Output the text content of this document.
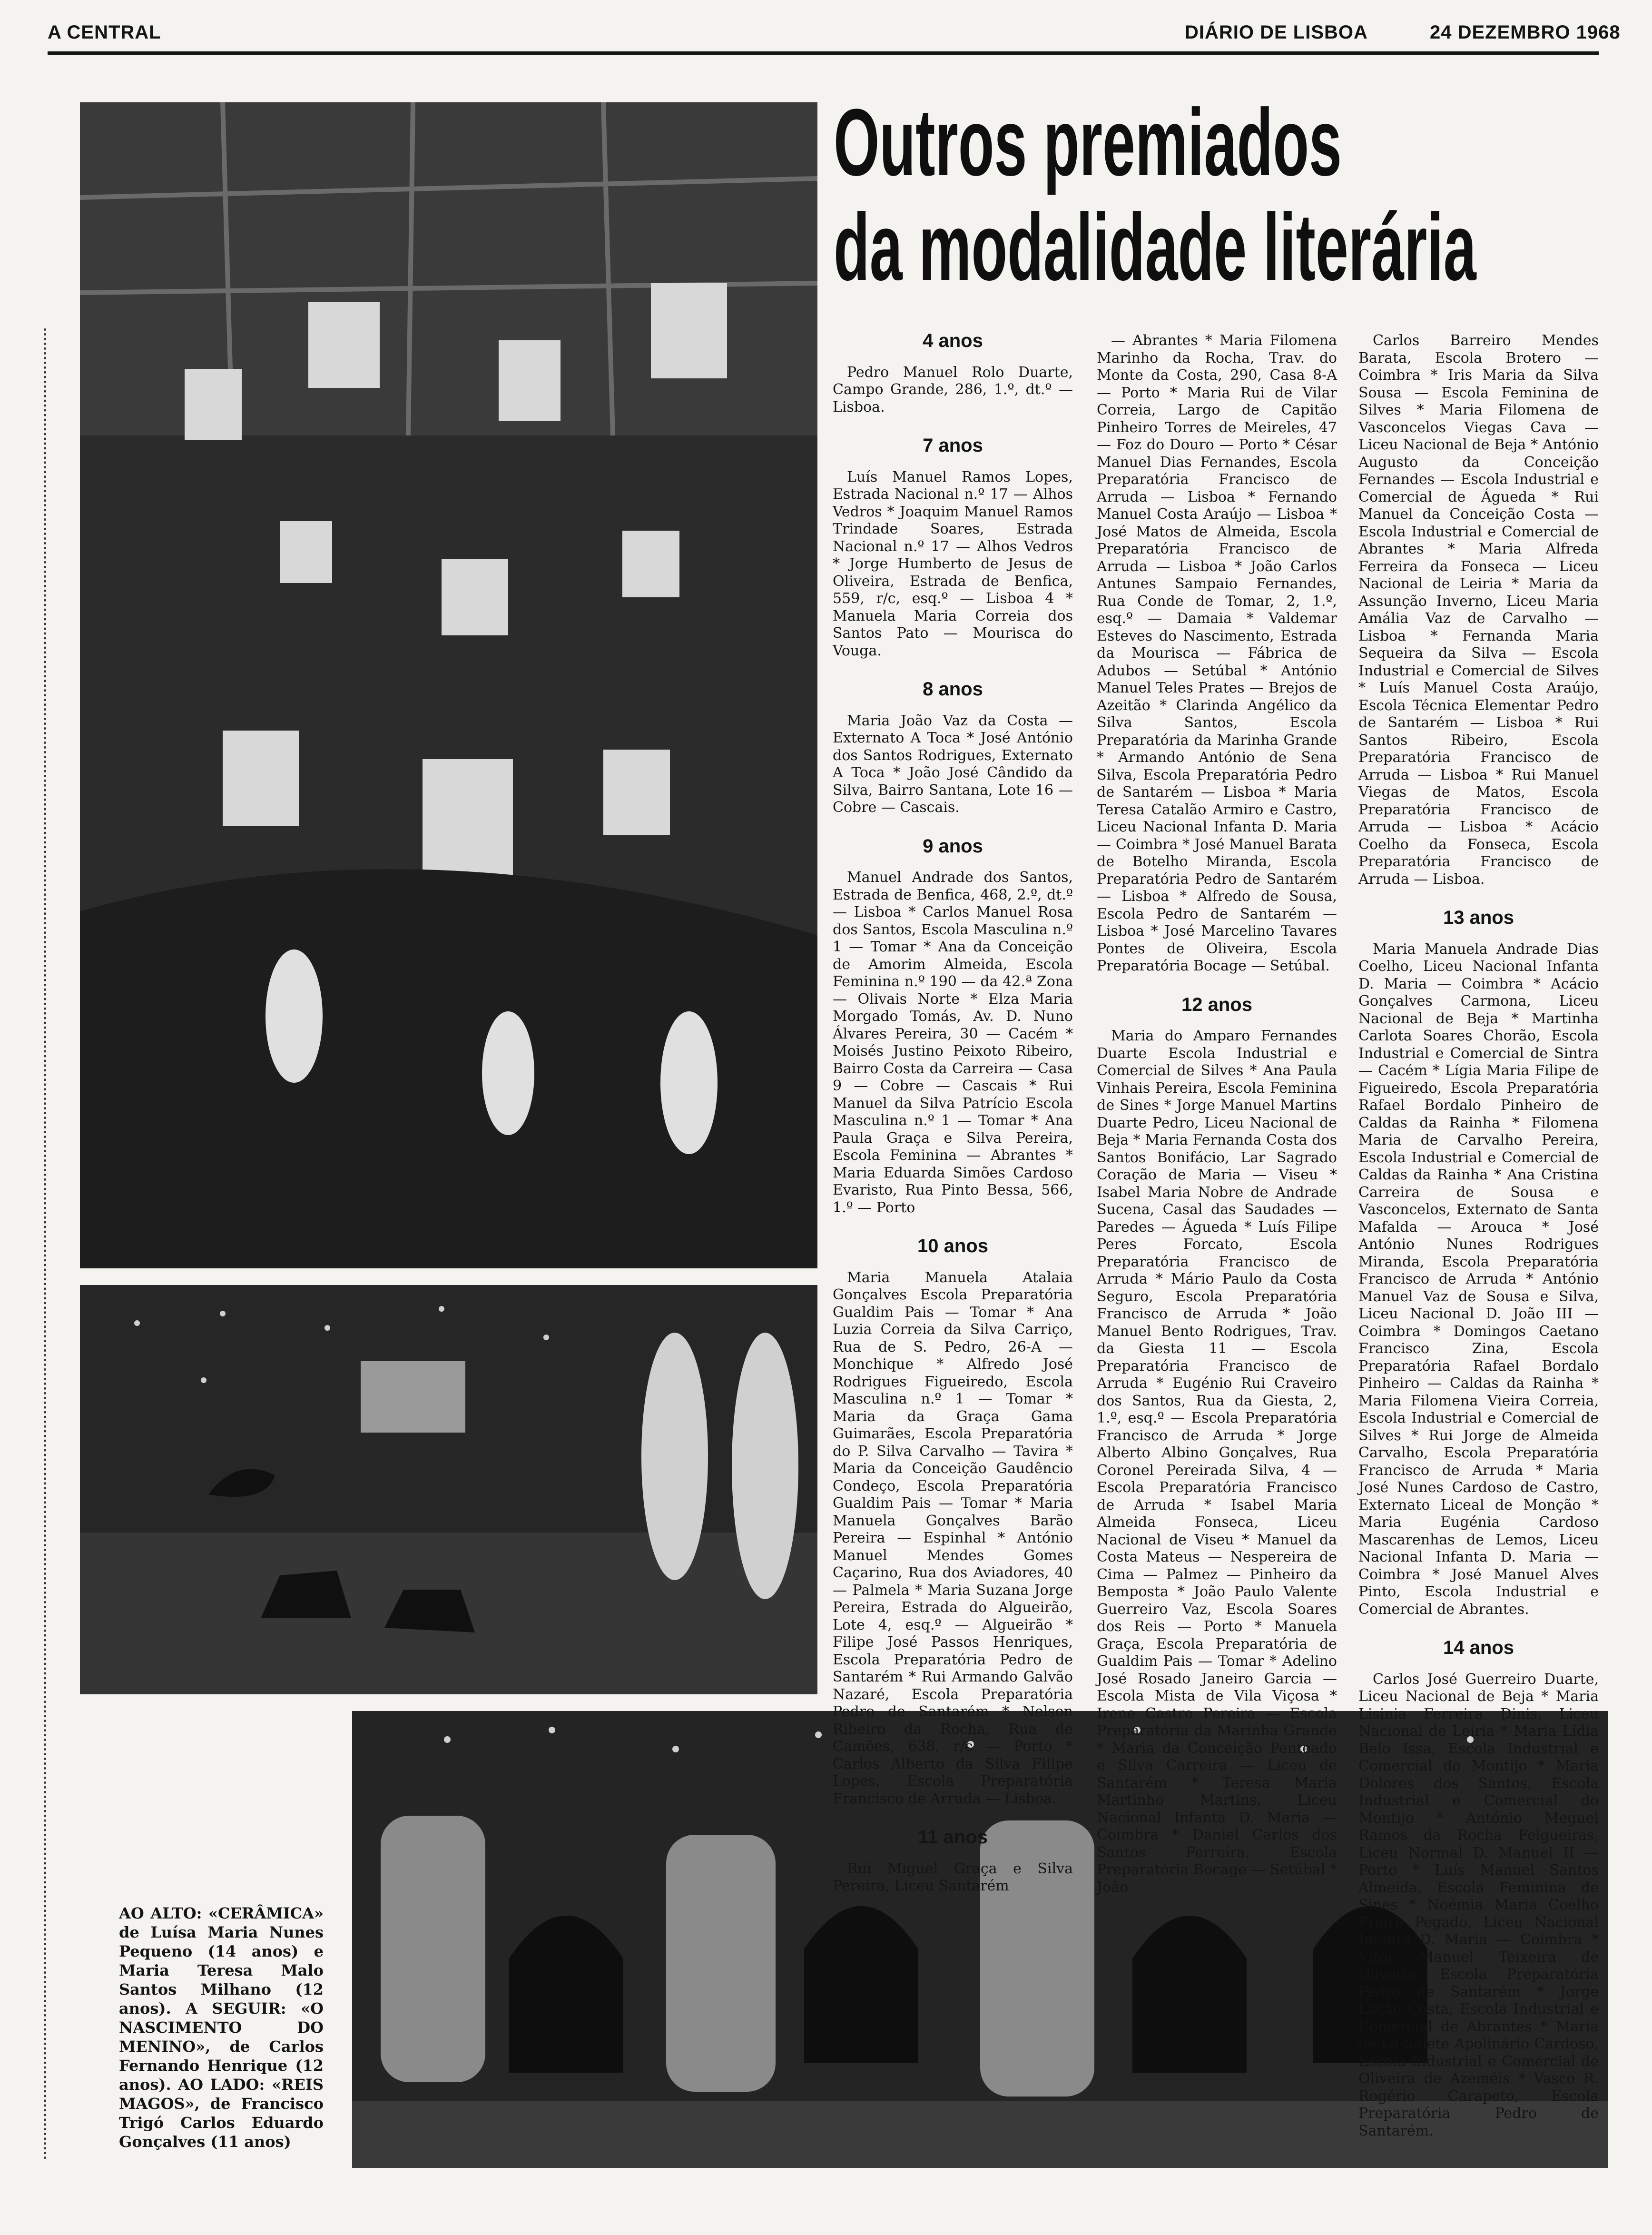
A CENTRAL	DIÁRIO DE LISBOA	24 DEZEMBRO 1968
Outros premiados
da modalidade literária
4 anos

Pedro Manuel Rolo Duarte, Campo Grande, 286, 1.º, dt.º — Lisboa.

7 anos

Luís Manuel Ramos Lopes, Estrada Nacional n.º 17 — Alhos Vedros * Joaquim Manuel Ramos Trindade Soares, Estrada Nacional n.º 17 — Alhos Vedros * Jorge Humberto de Jesus de Oliveira, Estrada de Benfica, 559, r/c, esq.º — Lisboa 4 * Manuela Maria Correia dos Santos Pato — Mourisca do Vouga.

8 anos

Maria João Vaz da Costa — Externato A Toca * José António dos Santos Rodrigues, Externato A Toca * João José Cândido da Silva, Bairro Santana, Lote 16 — Cobre — Cascais.

9 anos

Manuel Andrade dos Santos, Estrada de Benfica, 468, 2.º, dt.º — Lisboa * Carlos Manuel Rosa dos Santos, Escola Masculina n.º 1 — Tomar * Ana da Conceição de Amorim Almeida, Escola Feminina n.º 190 — da 42.ª Zona — Olivais Norte * Elza Maria Morgado Tomás, Av. D. Nuno Álvares Pereira, 30 — Cacém * Moisés Justino Peixoto Ribeiro, Bairro Costa da Carreira — Casa 9 — Cobre — Cascais * Rui Manuel da Silva Patrício Escola Masculina n.º 1 — Tomar * Ana Paula Graça e Silva Pereira, Escola Feminina — Abrantes * Maria Eduarda Simões Cardoso Evaristo, Rua Pinto Bessa, 566, 1.º — Porto

10 anos

Maria Manuela Atalaia Gonçalves Escola Preparatória Gualdim Pais — Tomar * Ana Luzia Correia da Silva Carriço, Rua de S. Pedro, 26-A — Monchique * Alfredo José Rodrigues Figueiredo, Escola Masculina n.º 1 — Tomar * Maria da Graça Gama Guimarães, Escola Preparatória do P. Silva Carvalho — Tavira * Maria da Conceição Gaudêncio Condeço, Escola Preparatória Gualdim Pais — Tomar * Maria Manuela Gonçalves Barão Pereira — Espinhal * António Manuel Mendes Gomes Caçarino, Rua dos Aviadores, 40 — Palmela * Maria Suzana Jorge Pereira, Estrada do Algueirão, Lote 4, esq.º — Algueirão * Filipe José Passos Henriques, Escola Preparatória Pedro de Santarém * Rui Armando Galvão Nazaré, Escola Preparatória Pedro de Santarém * Nelson Ribeiro da Rocha, Rua de Camões, 638, r/c — Porto * Carlos Alberto da Silva Filipe Lopes, Escola Preparatória Francisco de Arruda — Lisboa.

11 anos

Rui Miguel Graça e Silva Pereira, Liceu Santarém

— Abrantes * Maria Filomena Marinho da Rocha, Trav. do Monte da Costa, 290, Casa 8-A — Porto * Maria Rui de Vilar Correia, Largo de Capitão Pinheiro Torres de Meireles, 47 — Foz do Douro — Porto * César Manuel Dias Fernandes, Escola Preparatória Francisco de Arruda — Lisboa * Fernando Manuel Costa Araújo — Lisboa * José Matos de Almeida, Escola Preparatória Francisco de Arruda — Lisboa * João Carlos Antunes Sampaio Fernandes, Rua Conde de Tomar, 2, 1.º, esq.º — Damaia * Valdemar Esteves do Nascimento, Estrada da Mourisca — Fábrica de Adubos — Setúbal * António Manuel Teles Prates — Brejos de Azeitão * Clarinda Angélico da Silva Santos, Escola Preparatória da Marinha Grande * Armando António de Sena Silva, Escola Preparatória Pedro de Santarém — Lisboa * Maria Teresa Catalão Armiro e Castro, Liceu Nacional Infanta D. Maria — Coimbra * José Manuel Barata de Botelho Miranda, Escola Preparatória Pedro de Santarém — Lisboa * Alfredo de Sousa, Escola Pedro de Santarém — Lisboa * José Marcelino Tavares Pontes de Oliveira, Escola Preparatória Bocage — Setúbal.

12 anos

Maria do Amparo Fernandes Duarte Escola Industrial e Comercial de Silves * Ana Paula Vinhais Pereira, Escola Feminina de Sines * Jorge Manuel Martins Duarte Pedro, Liceu Nacional de Beja * Maria Fernanda Costa dos Santos Bonifácio, Lar Sagrado Coração de Maria — Viseu * Isabel Maria Nobre de Andrade Sucena, Casal das Saudades — Paredes — Águeda * Luís Filipe Peres Forcato, Escola Preparatória Francisco de Arruda * Mário Paulo da Costa Seguro, Escola Preparatória Francisco de Arruda * João Manuel Bento Rodrigues, Trav. da Giesta 11 — Escola Preparatória Francisco de Arruda * Eugénio Rui Craveiro dos Santos, Rua da Giesta, 2, 1.º, esq.º — Escola Preparatória Francisco de Arruda * Jorge Alberto Albino Gonçalves, Rua Coronel Pereirada Silva, 4 — Escola Preparatória Francisco de Arruda * Isabel Maria Almeida Fonseca, Liceu Nacional de Viseu * Manuel da Costa Mateus — Nespereira de Cima — Palmez — Pinheiro da Bemposta * João Paulo Valente Guerreiro Vaz, Escola Soares dos Reis — Porto * Manuela Graça, Escola Preparatória de Gualdim Pais — Tomar * Adelino José Rosado Janeiro Garcia — Escola Mista de Vila Viçosa * Irene Castro Pereira — Escola Preparatória da Marinha Grande * Maria da Conceição Penteado e Silva Carreira — Liceu de Santarém * Teresa Maria Martinho Martins, Liceu Nacional Infanta D. Maria — Coimbra * Daniel Carlos dos Santos Ferreira, Escola Preparatória Bocage — Setúbal * João

Carlos Barreiro Mendes Barata, Escola Brotero — Coimbra * Iris Maria da Silva Sousa — Escola Feminina de Silves * Maria Filomena de Vasconcelos Viegas Cava — Liceu Nacional de Beja * António Augusto da Conceição Fernandes — Escola Industrial e Comercial de Águeda * Rui Manuel da Conceição Costa — Escola Industrial e Comercial de Abrantes * Maria Alfreda Ferreira da Fonseca — Liceu Nacional de Leiria * Maria da Assunção Inverno, Liceu Maria Amália Vaz de Carvalho — Lisboa * Fernanda Maria Sequeira da Silva — Escola Industrial e Comercial de Silves * Luís Manuel Costa Araújo, Escola Técnica Elementar Pedro de Santarém — Lisboa * Rui Santos Ribeiro, Escola Preparatória Francisco de Arruda — Lisboa * Rui Manuel Viegas de Matos, Escola Preparatória Francisco de Arruda — Lisboa * Acácio Coelho da Fonseca, Escola Preparatória Francisco de Arruda — Lisboa.

13 anos

Maria Manuela Andrade Dias Coelho, Liceu Nacional Infanta D. Maria — Coimbra * Acácio Gonçalves Carmona, Liceu Nacional de Beja * Martinha Carlota Soares Chorão, Escola Industrial e Comercial de Sintra — Cacém * Lígia Maria Filipe de Figueiredo, Escola Preparatória Rafael Bordalo Pinheiro de Caldas da Rainha * Filomena Maria de Carvalho Pereira, Escola Industrial e Comercial de Caldas da Rainha * Ana Cristina Carreira de Sousa e Vasconcelos, Externato de Santa Mafalda — Arouca * José António Nunes Rodrigues Miranda, Escola Preparatória Francisco de Arruda * António Manuel Vaz de Sousa e Silva, Liceu Nacional D. João III — Coimbra * Domingos Caetano Francisco Zina, Escola Preparatória Rafael Bordalo Pinheiro — Caldas da Rainha * Maria Filomena Vieira Correia, Escola Industrial e Comercial de Silves * Rui Jorge de Almeida Carvalho, Escola Preparatória Francisco de Arruda * Maria José Nunes Cardoso de Castro, Externato Liceal de Monção * Maria Eugénia Cardoso Mascarenhas de Lemos, Liceu Nacional Infanta D. Maria — Coimbra * José Manuel Alves Pinto, Escola Industrial e Comercial de Abrantes.

14 anos

Carlos José Guerreiro Duarte, Liceu Nacional de Beja * Maria Lisinia Ferreira Dinis, Liceu Nacional de Leiria * Maria Lídia Belo Issa, Escola Industrial e Comercial do Montijo * Maria Dolores dos Santos, Escola Industrial e Comercial do Montijo * António Meguel Ramos da Rocha Felgueiras, Liceu Normal D. Manuel II — Porto * Luís Manuel Santos Almeida, Escola Feminina de Sines * Noémia Maria Coelho Freire Pegado, Liceu Nacional Infanta D. Maria — Coimbra * Vítor Manuel Teixeira de Oliveira, Escola Preparatória Pedro de Santarém * Jorge Lação Costa, Escola Industrial e Comercial de Abrantes * Maria de Lá-Salete Apolinário Cardoso, Escola Industrial e Comercial de Oliveira de Azeméis * Vasco R. Rogério Carapeto, Escola Preparatória Pedro de Santarém.

AO ALTO: «CERÂMICA» de Luísa Maria Nunes Pequeno (14 anos) e Maria Teresa Malo Santos Milhano (12 anos). A SEGUIR: «O NASCIMENTO DO MENINO», de Carlos Fernando Henrique (12 anos). AO LADO: «REIS MAGOS», de Francisco Trigó Carlos Eduardo Gonçalves (11 anos)
